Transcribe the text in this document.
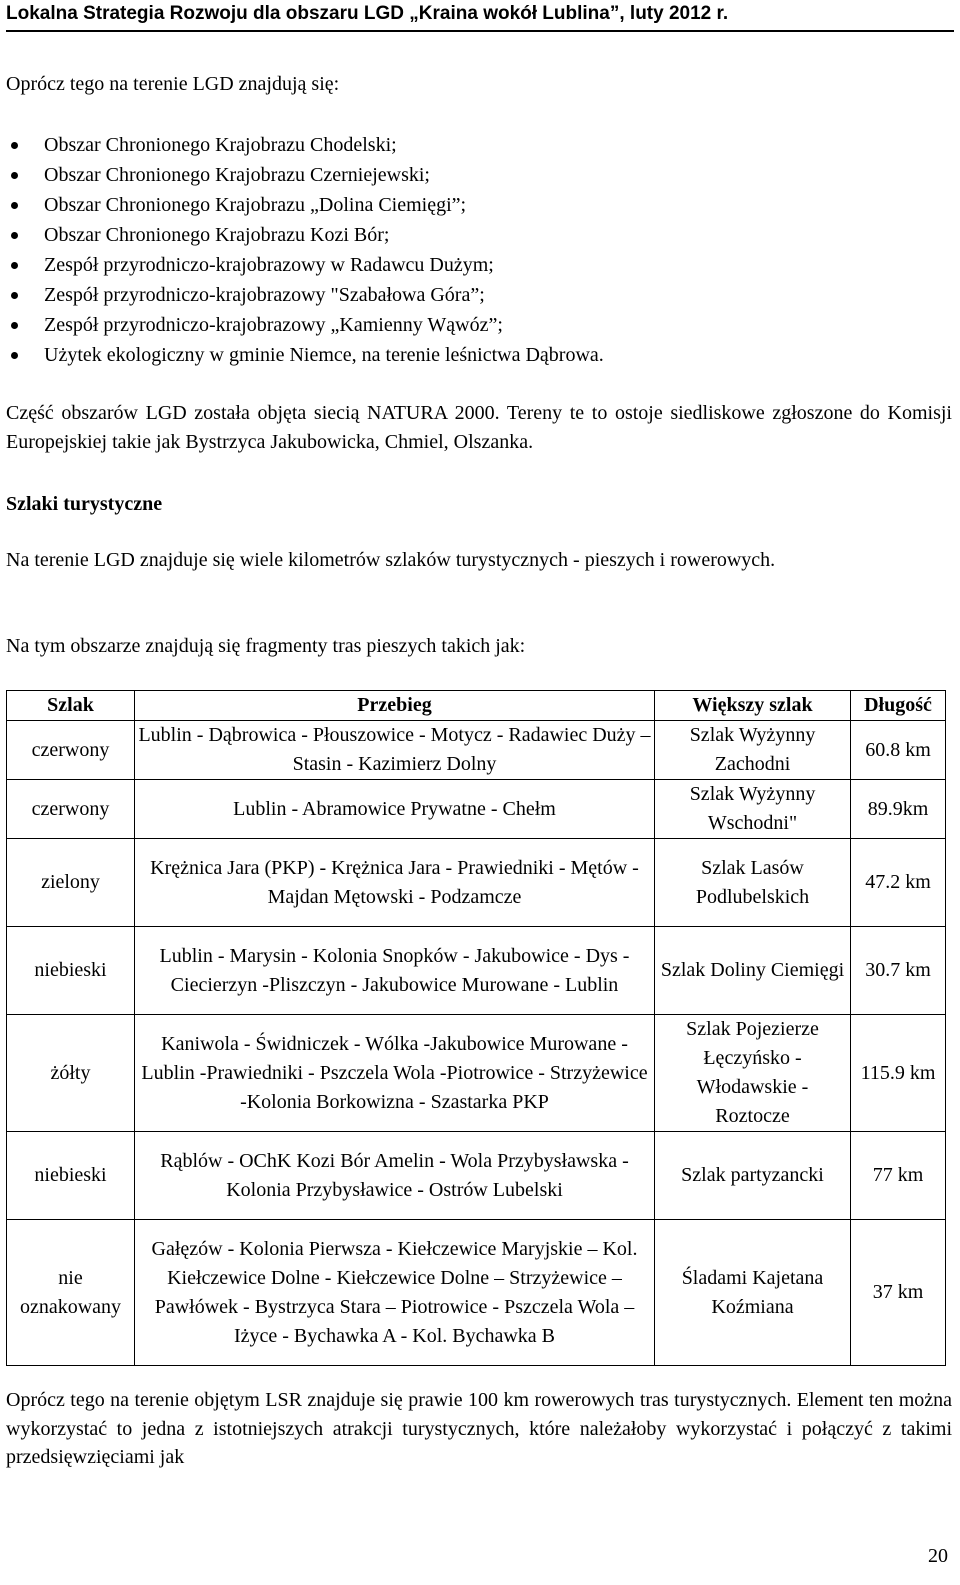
Lokalna Strategia Rozwoju dla obszaru LGD „Kraina wokół Lublina”, luty 2012 r.

Oprócz tego na terenie LGD znajdują się:

Obszar Chronionego Krajobrazu Chodelski;
Obszar Chronionego Krajobrazu Czerniejewski;
Obszar Chronionego Krajobrazu „Dolina Ciemięgi”;
Obszar Chronionego Krajobrazu Kozi Bór;
Zespół przyrodniczo-krajobrazowy w Radawcu Dużym;
Zespół przyrodniczo-krajobrazowy "Szabałowa Góra”;
Zespół przyrodniczo-krajobrazowy „Kamienny Wąwóz”;
Użytek ekologiczny w gminie Niemce, na terenie leśnictwa Dąbrowa.

Część obszarów LGD została objęta siecią NATURA 2000. Tereny te to ostoje siedliskowe zgłoszone do Komisji Europejskiej takie jak Bystrzyca Jakubowicka, Chmiel, Olszanka.

Szlaki turystyczne

Na terenie LGD znajduje się wiele kilometrów szlaków turystycznych - pieszych i rowerowych.

Na tym obszarze znajdują się fragmenty tras pieszych takich jak:

Szlak	Przebieg	Większy szlak	Długość
czerwony	Lublin - Dąbrowica - Płouszowice - Motycz - Radawiec Duży – Stasin - Kazimierz Dolny	Szlak Wyżynny Zachodni	60.8 km
czerwony	Lublin - Abramowice Prywatne - Chełm	Szlak Wyżynny Wschodni"	89.9km
zielony	Krężnica Jara (PKP) - Krężnica Jara - Prawiedniki - Mętów - Majdan Mętowski - Podzamcze	Szlak Lasów Podlubelskich	47.2 km
niebieski	Lublin - Marysin - Kolonia Snopków - Jakubowice - Dys - Ciecierzyn -Pliszczyn - Jakubowice Murowane - Lublin	Szlak Doliny Ciemięgi	30.7 km
żółty	Kaniwola - Świdniczek - Wólka -Jakubowice Murowane - Lublin -Prawiedniki - Pszczela Wola -Piotrowice - Strzyżewice -Kolonia Borkowizna - Szastarka PKP	Szlak Pojezierze Łęczyńsko - Włodawskie - Roztocze	115.9 km
niebieski	Rąblów - OChK Kozi Bór Amelin - Wola Przybysławska - Kolonia Przybysławice - Ostrów Lubelski	Szlak partyzancki	77 km
nie oznakowany	Gałęzów - Kolonia Pierwsza - Kiełczewice Maryjskie – Kol. Kiełczewice Dolne - Kiełczewice Dolne – Strzyżewice – Pawłówek - Bystrzyca Stara – Piotrowice - Pszczela Wola – Iżyce - Bychawka A - Kol. Bychawka B	Śladami Kajetana Koźmiana	37 km

Oprócz tego na terenie objętym LSR znajduje się prawie 100 km rowerowych tras turystycznych. Element ten można wykorzystać to jedna z istotniejszych atrakcji turystycznych, które należałoby wykorzystać i połączyć z takimi przedsięwzięciami jak

20
